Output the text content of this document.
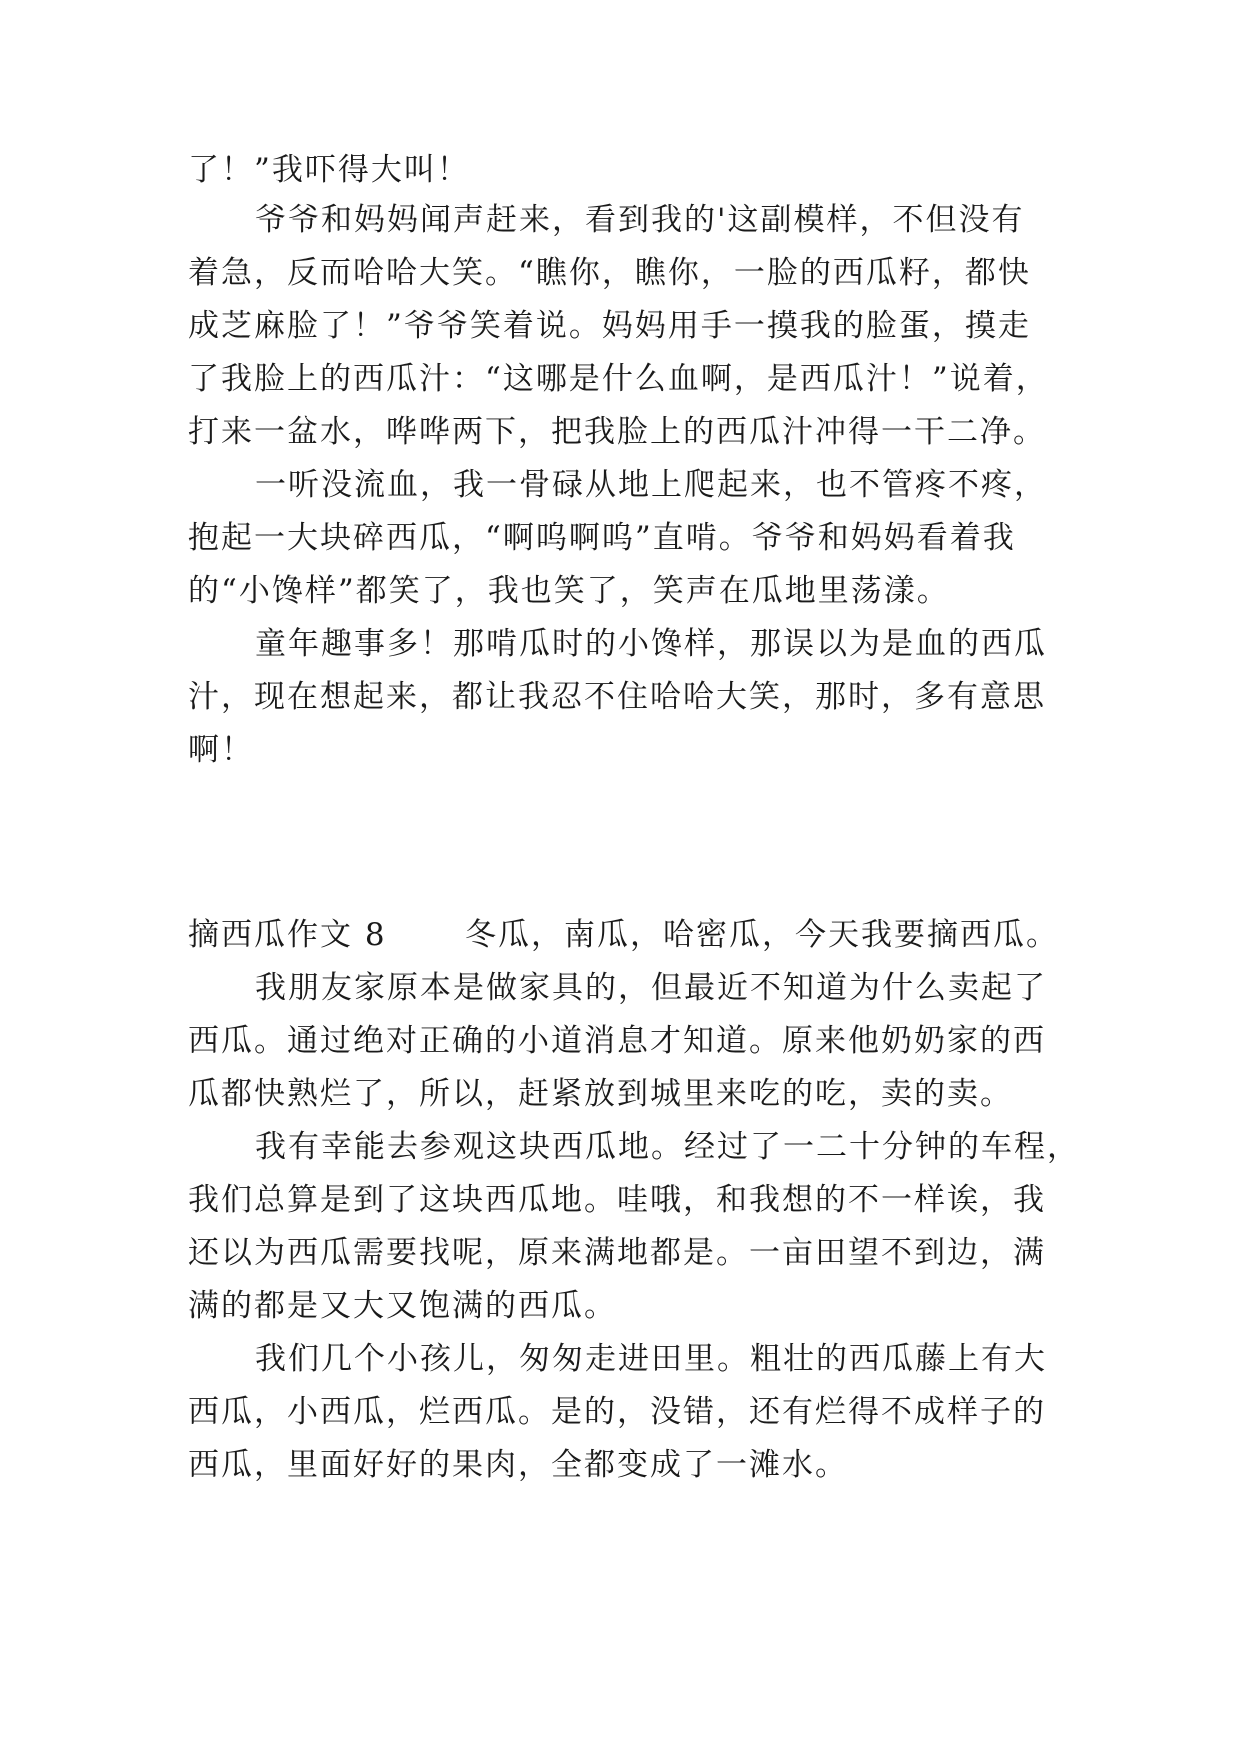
了！”我吓得大叫！
爷爷和妈妈闻声赶来，看到我的'这副模样，不但没有
着急，反而哈哈大笑。“瞧你，瞧你，一脸的西瓜籽，都快
成芝麻脸了！”爷爷笑着说。妈妈用手一摸我的脸蛋，摸走
了我脸上的西瓜汁：“这哪是什么血啊，是西瓜汁！”说着，
打来一盆水，哗哗两下，把我脸上的西瓜汁冲得一干二净。
一听没流血，我一骨碌从地上爬起来，也不管疼不疼，
抱起一大块碎西瓜，“啊呜啊呜”直啃。爷爷和妈妈看着我
的“小馋样”都笑了，我也笑了，笑声在瓜地里荡漾。
童年趣事多！那啃瓜时的小馋样，那误以为是血的西瓜
汁，现在想起来，都让我忍不住哈哈大笑，那时，多有意思
啊！
摘西瓜作文 8	冬瓜，南瓜，哈密瓜，今天我要摘西瓜。
我朋友家原本是做家具的，但最近不知道为什么卖起了
西瓜。通过绝对正确的小道消息才知道。原来他奶奶家的西
瓜都快熟烂了，所以，赶紧放到城里来吃的吃，卖的卖。
我有幸能去参观这块西瓜地。经过了一二十分钟的车程，
我们总算是到了这块西瓜地。哇哦，和我想的不一样诶，我
还以为西瓜需要找呢，原来满地都是。一亩田望不到边，满
满的都是又大又饱满的西瓜。
我们几个小孩儿，匆匆走进田里。粗壮的西瓜藤上有大
西瓜，小西瓜，烂西瓜。是的，没错，还有烂得不成样子的
西瓜，里面好好的果肉，全都变成了一滩水。
